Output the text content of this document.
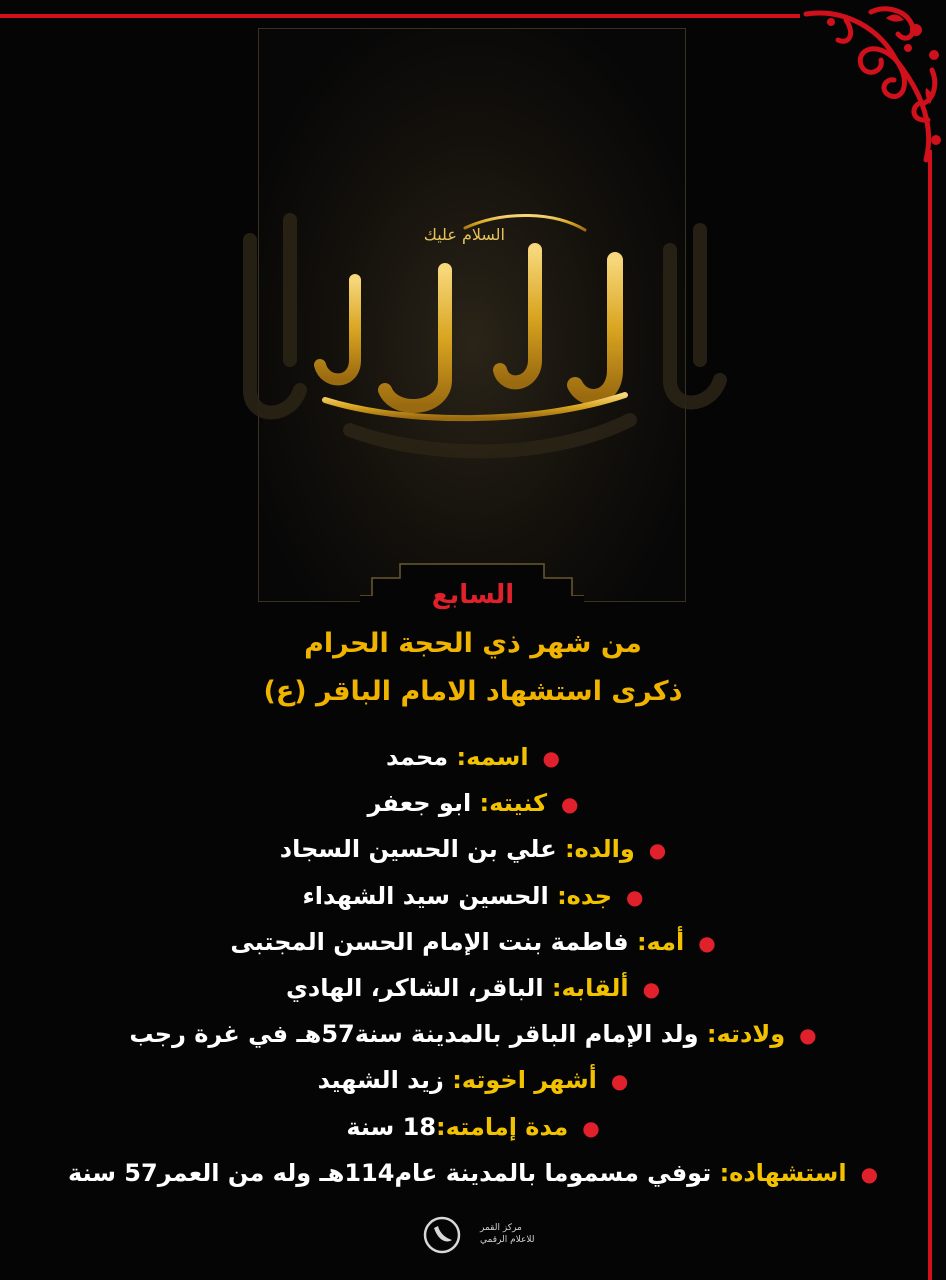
السلام عليك
السابع
من شهر ذي الحجة الحرام
ذكرى استشهاد الامام الباقر (ع)
●اسمه: محمد
●كنيته: ابو جعفر
●والده: علي بن الحسين السجاد
●جده: الحسين سيد الشهداء
●أمه: فاطمة بنت الإمام الحسن المجتبى
●ألقابه: الباقر، الشاكر، الهادي
●ولادته: ولد الإمام الباقر بالمدينة سنة57هـ في غرة رجب
●أشهر اخوته: زيد الشهيد
●مدة إمامته:18 سنة
●استشهاده: توفي مسموما بالمدينة عام114هـ وله من العمر57 سنة
مركز القمر
للاعلام الرقمي
